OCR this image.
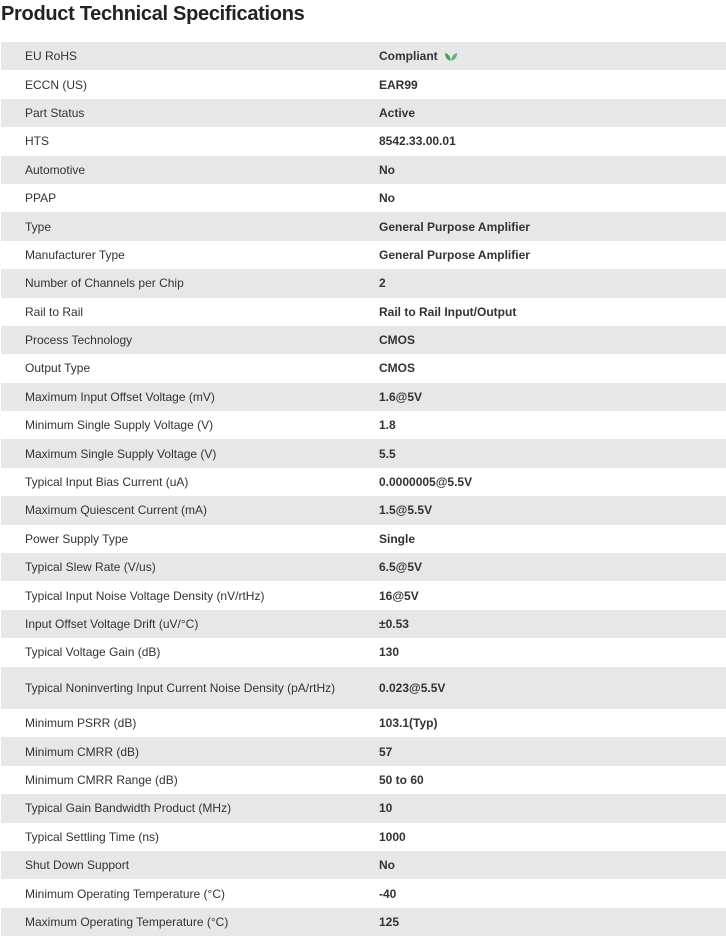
Product Technical Specifications
EU RoHS	Compliant
ECCN (US)	EAR99
Part Status	Active
HTS	8542.33.00.01
Automotive	No
PPAP	No
Type	General Purpose Amplifier
Manufacturer Type	General Purpose Amplifier
Number of Channels per Chip	2
Rail to Rail	Rail to Rail Input/Output
Process Technology	CMOS
Output Type	CMOS
Maximum Input Offset Voltage (mV)	1.6@5V
Minimum Single Supply Voltage (V)	1.8
Maximum Single Supply Voltage (V)	5.5
Typical Input Bias Current (uA)	0.0000005@5.5V
Maximum Quiescent Current (mA)	1.5@5.5V
Power Supply Type	Single
Typical Slew Rate (V/us)	6.5@5V
Typical Input Noise Voltage Density (nV/rtHz)	16@5V
Input Offset Voltage Drift (uV/°C)	±0.53
Typical Voltage Gain (dB)	130
Typical Noninverting Input Current Noise Density (pA/rtHz)	0.023@5.5V
Minimum PSRR (dB)	103.1(Typ)
Minimum CMRR (dB)	57
Minimum CMRR Range (dB)	50 to 60
Typical Gain Bandwidth Product (MHz)	10
Typical Settling Time (ns)	1000
Shut Down Support	No
Minimum Operating Temperature (°C)	-40
Maximum Operating Temperature (°C)	125
